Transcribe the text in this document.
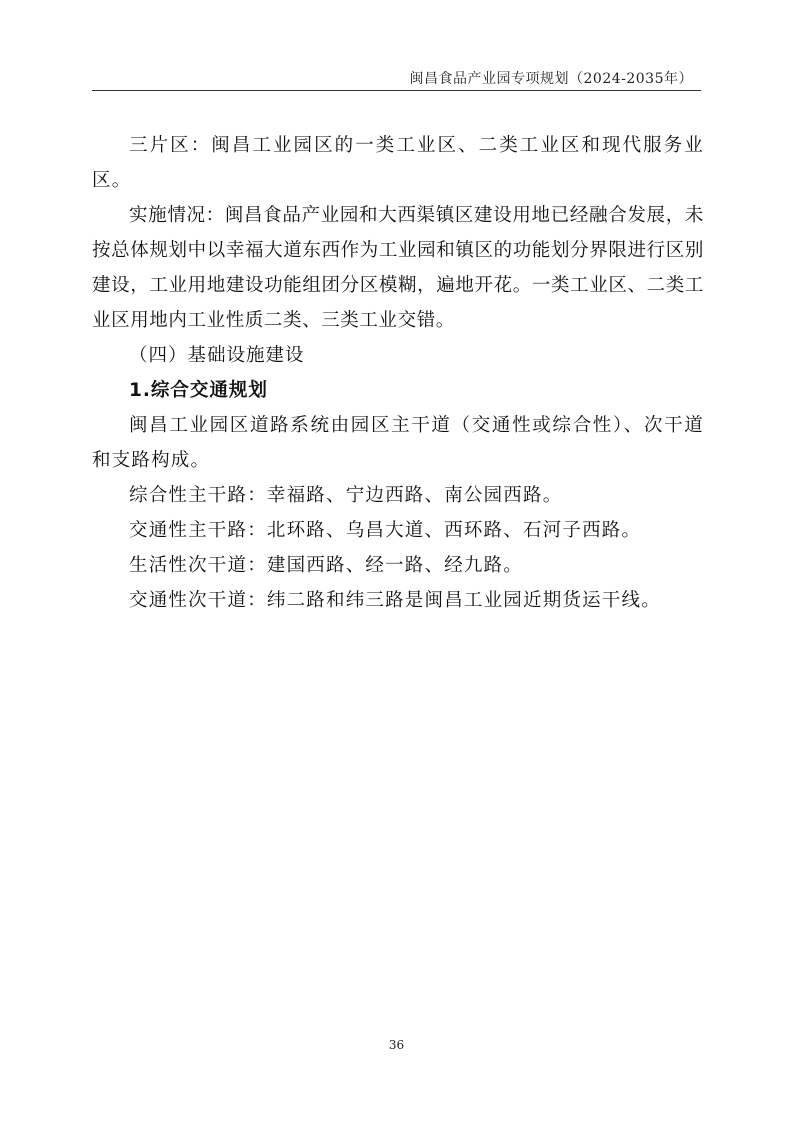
闽昌食品产业园专项规划（2024-2035年）

三片区：闽昌工业园区的一类工业区、二类工业区和现代服务业区。

实施情况：闽昌食品产业园和大西渠镇区建设用地已经融合发展，未按总体规划中以幸福大道东西作为工业园和镇区的功能划分界限进行区别建设，工业用地建设功能组团分区模糊，遍地开花。一类工业区、二类工业区用地内工业性质二类、三类工业交错。

（四）基础设施建设

1.综合交通规划

闽昌工业园区道路系统由园区主干道（交通性或综合性）、次干道和支路构成。

综合性主干路：幸福路、宁边西路、南公园西路。

交通性主干路：北环路、乌昌大道、西环路、石河子西路。

生活性次干道：建国西路、经一路、经九路。

交通性次干道：纬二路和纬三路是闽昌工业园近期货运干线。

36
